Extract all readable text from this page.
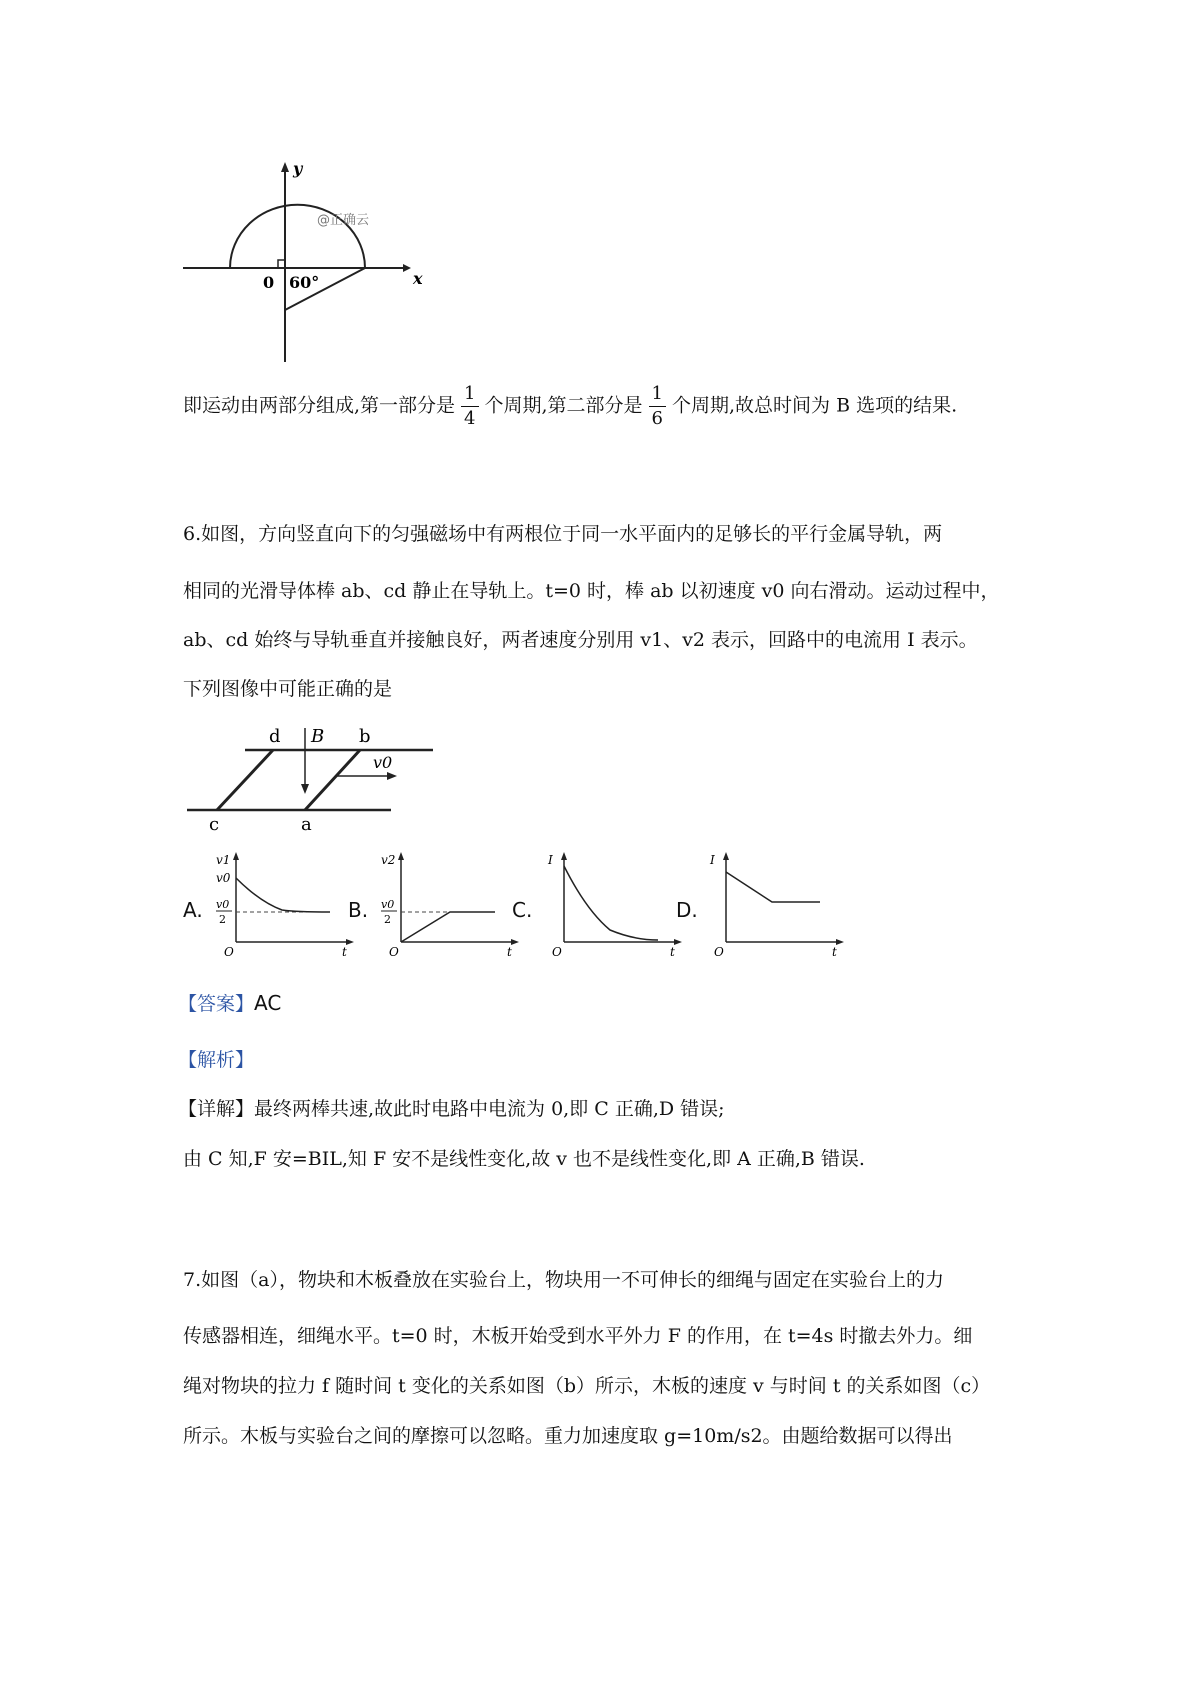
y
x
0 60°
@正确云
即运动由两部分组成,第一部分是 $\frac{1}{4}$ 个周期,第二部分是 $\frac{1}{6}$ 个周期,故总时间为 B 选项的结果.
6.如图，方向竖直向下的匀强磁场中有两根位于同一水平面内的足够长的平行金属导轨，两
相同的光滑导体棒 ab、cd 静止在导轨上。t=0 时，棒 ab 以初速度 v0 向右滑动。运动过程中，
ab、cd 始终与导轨垂直并接触良好，两者速度分别用 v1、v2 表示，回路中的电流用 I 表示。
下列图像中可能正确的是
d B b
v0
c	a
A.
v1
v0
v0
2
O	t
B.
v2
v0
2
O	t
C.
I
O	t
D.
I
O	t
【答案】AC
【解析】
【详解】最终两棒共速,故此时电路中电流为 0,即 C 正确,D 错误;
由 C 知,F 安=BIL,知 F 安不是线性变化,故 v 也不是线性变化,即 A 正确,B 错误.
7.如图（a），物块和木板叠放在实验台上，物块用一不可伸长的细绳与固定在实验台上的力
传感器相连，细绳水平。t=0 时，木板开始受到水平外力 F 的作用，在 t=4s 时撤去外力。细
绳对物块的拉力 f 随时间 t 变化的关系如图（b）所示，木板的速度 v 与时间 t 的关系如图（c）
所示。木板与实验台之间的摩擦可以忽略。重力加速度取 g=10m/s2。由题给数据可以得出
